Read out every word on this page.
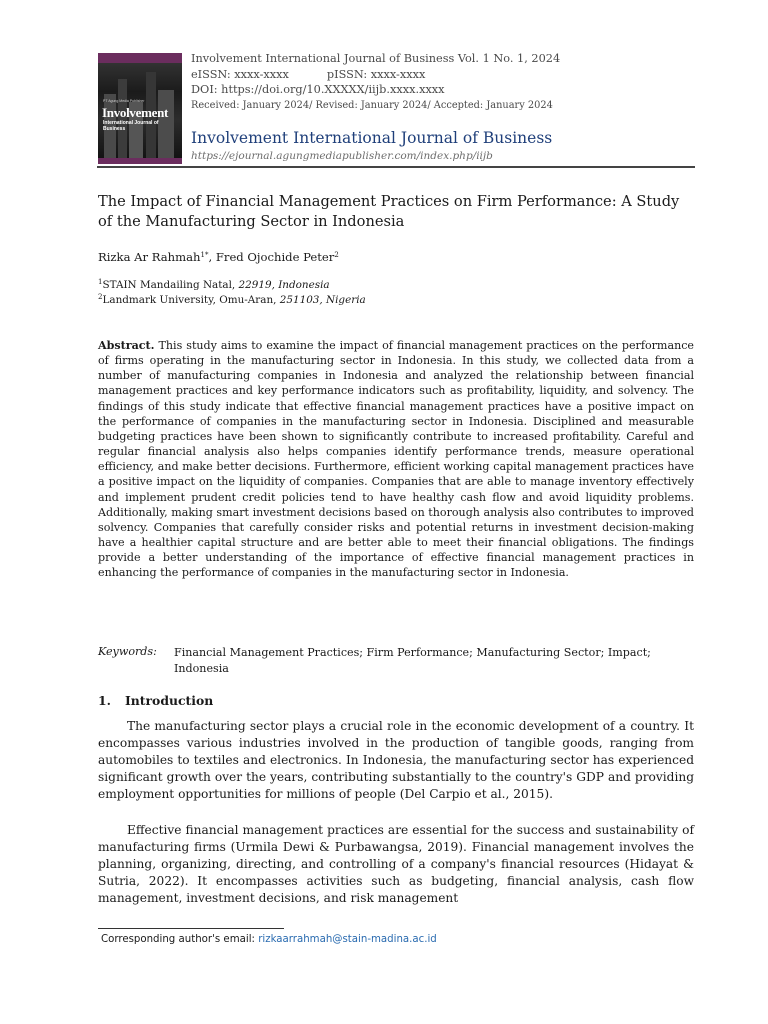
PT Agung Media Publisher
Involvement
International Journal of Business
Involvement International Journal of Business Vol. 1 No. 1, 2024
eISSN: xxxx-xxxx	pISSN: xxxx-xxxx
DOI: https://doi.org/10.XXXXX/iijb.xxxx.xxxx
Received: January 2024/ Revised: January 2024/ Accepted: January 2024
Involvement International Journal of Business
https://ejournal.agungmediapublisher.com/index.php/iijb
The Impact of Financial Management Practices on Firm Performance: A Study of the Manufacturing Sector in Indonesia
Rizka Ar Rahmah$^{1*}$, Fred Ojochide Peter$^2$
$^1$STAIN Mandailing Natal, 22919, Indonesia
$^2$Landmark University, Omu-Aran, 251103, Nigeria
Abstract. This study aims to examine the impact of financial management practices on the performance of firms operating in the manufacturing sector in Indonesia. In this study, we collected data from a number of manufacturing companies in Indonesia and analyzed the relationship between financial management practices and key performance indicators such as profitability, liquidity, and solvency. The findings of this study indicate that effective financial management practices have a positive impact on the performance of companies in the manufacturing sector in Indonesia. Disciplined and measurable budgeting practices have been shown to significantly contribute to increased profitability. Careful and regular financial analysis also helps companies identify performance trends, measure operational efficiency, and make better decisions. Furthermore, efficient working capital management practices have a positive impact on the liquidity of companies. Companies that are able to manage inventory effectively and implement prudent credit policies tend to have healthy cash flow and avoid liquidity problems. Additionally, making smart investment decisions based on thorough analysis also contributes to improved solvency. Companies that carefully consider risks and potential returns in investment decision-making have a healthier capital structure and are better able to meet their financial obligations. The findings provide a better understanding of the importance of effective financial management practices in enhancing the performance of companies in the manufacturing sector in Indonesia.
Keywords: Financial Management Practices; Firm Performance; Manufacturing Sector; Impact; Indonesia
1. Introduction
The manufacturing sector plays a crucial role in the economic development of a country. It encompasses various industries involved in the production of tangible goods, ranging from automobiles to textiles and electronics. In Indonesia, the manufacturing sector has experienced significant growth over the years, contributing substantially to the country's GDP and providing employment opportunities for millions of people (Del Carpio et al., 2015).
Effective financial management practices are essential for the success and sustainability of manufacturing firms (Urmila Dewi & Purbawangsa, 2019). Financial management involves the planning, organizing, directing, and controlling of a company's financial resources (Hidayat & Sutria, 2022). It encompasses activities such as budgeting, financial analysis, cash flow management, investment decisions, and risk management
Corresponding author's email: rizkaarrahmah@stain-madina.ac.id
